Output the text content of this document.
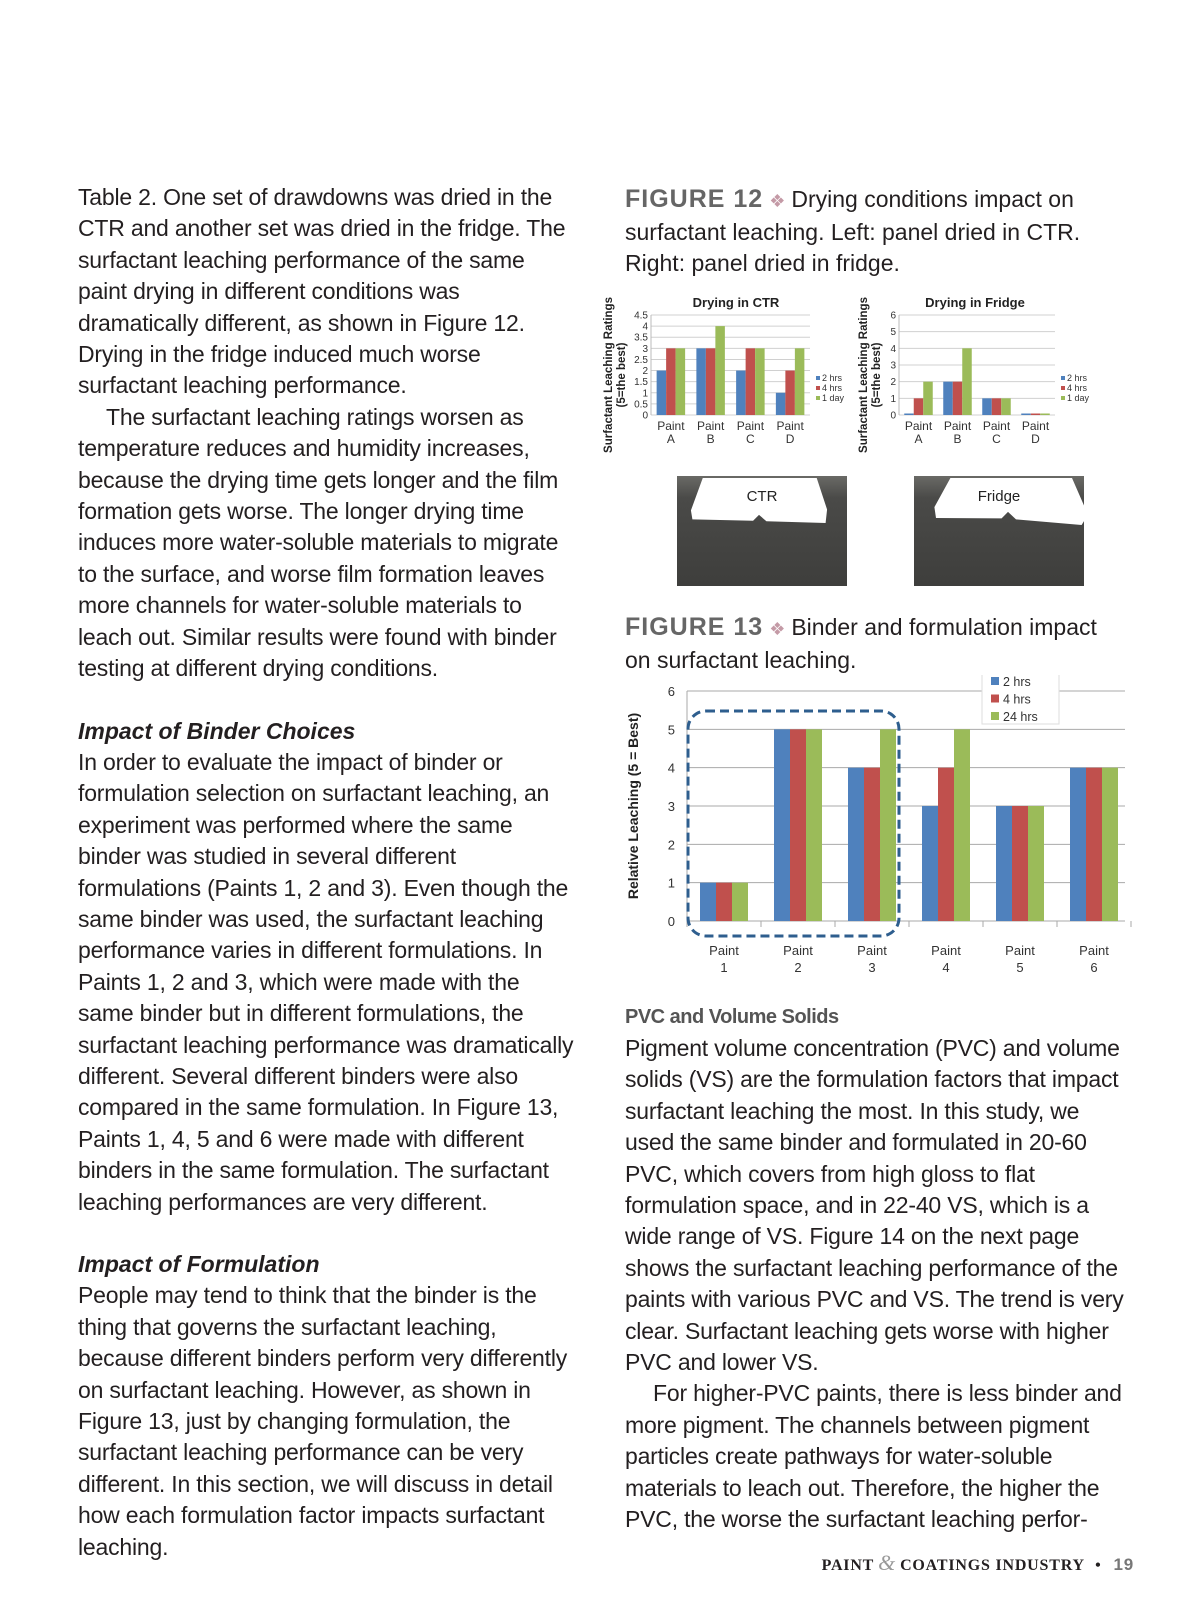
Table 2. One set of drawdowns was dried in the CTR and another set was dried in the fridge. The surfactant leaching performance of the same paint drying in different conditions was dramatically different, as shown in Figure 12. Drying in the fridge induced much worse surfactant leaching performance.

The surfactant leaching ratings worsen as temperature reduces and humidity increases, because the drying time gets longer and the film formation gets worse. The longer drying time induces more water-soluble materials to migrate to the surface, and worse film formation leaves more channels for water-soluble materials to leach out. Similar results were found with binder testing at different drying conditions.

Impact of Binder Choices

In order to evaluate the impact of binder or formulation selection on surfactant leaching, an experiment was performed where the same binder was studied in several different formulations (Paints 1, 2 and 3). Even though the same binder was used, the surfactant leaching performance varies in different formulations. In Paints 1, 2 and 3, which were made with the same binder but in different formulations, the surfactant leaching performance was dramatically different. Several different binders were also compared in the same formulation. In Figure 13, Paints 1, 4, 5 and 6 were made with different binders in the same formulation. The surfactant leaching performances are very different.

Impact of Formulation

People may tend to think that the binder is the thing that governs the surfactant leaching, because different binders perform very differently on surfactant leaching. However, as shown in Figure 13, just by changing formulation, the surfactant leaching performance can be very different. In this section, we will discuss in detail how each formulation factor impacts surfactant leaching.

FIGURE 12 ❖ Drying conditions impact on surfactant leaching. Left: panel dried in CTR. Right: panel dried in fridge.

Surfactant Leaching Ratings(5=the best)
Drying in CTR
0
0.5
1
1.5
2
2.5
3
3.5
4
4.5
Paint
A
Paint
B
Paint
C
Paint
D
2 hrs
4 hrs
1 day Surfactant Leaching Ratings(5=the best)
Drying in Fridge
0
1
2
3
4
5
6
Paint
A
Paint
B
Paint
C
Paint
D
2 hrs
4 hrs
1 day
CTR	Fridge

FIGURE 13 ❖ Binder and formulation impact on surfactant leaching.

Relative Leaching (5 = Best)
0
1
2
3
4
5
6
Paint
1
Paint
2
Paint
3
Paint
4
Paint
5
Paint
6
2 hrs
4 hrs
24 hrs
PVC and Volume Solids

Pigment volume concentration (PVC) and volume solids (VS) are the formulation factors that impact surfactant leaching the most. In this study, we used the same binder and formulated in 20-60 PVC, which covers from high gloss to flat formulation space, and in 22-40 VS, which is a wide range of VS. Figure 14 on the next page shows the surfactant leaching performance of the paints with various PVC and VS. The trend is very clear. Surfactant leaching gets worse with higher PVC and lower VS.

For higher-PVC paints, there is less binder and more pigment. The channels between pigment particles create pathways for water-soluble materials to leach out. Therefore, the higher the PVC, the worse the surfactant leaching perfor-

PAINT & COATINGS INDUSTRY • 19
